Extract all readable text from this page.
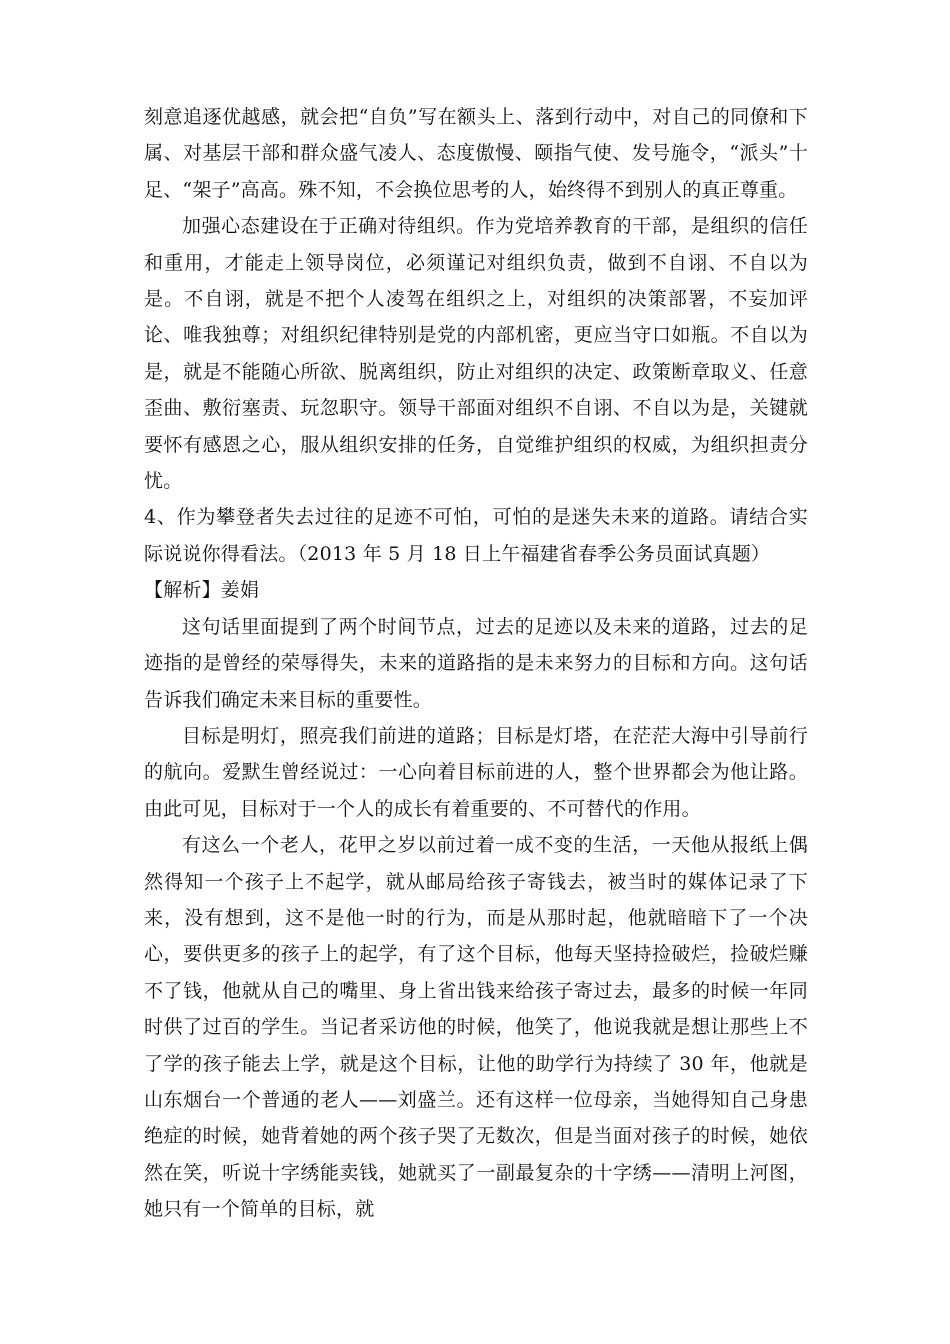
刻意追逐优越感，就会把“自负”写在额头上、落到行动中，对自己的同僚和下属、对基层干部和群众盛气凌人、态度傲慢、颐指气使、发号施令，“派头”十足、“架子”高高。殊不知，不会换位思考的人，始终得不到别人的真正尊重。

加强心态建设在于正确对待组织。作为党培养教育的干部，是组织的信任和重用，才能走上领导岗位，必须谨记对组织负责，做到不自诩、不自以为是。不自诩，就是不把个人凌驾在组织之上，对组织的决策部署，不妄加评论、唯我独尊；对组织纪律特别是党的内部机密，更应当守口如瓶。不自以为是，就是不能随心所欲、脱离组织，防止对组织的决定、政策断章取义、任意歪曲、敷衍塞责、玩忽职守。领导干部面对组织不自诩、不自以为是，关键就要怀有感恩之心，服从组织安排的任务，自觉维护组织的权威，为组织担责分忧。

4、作为攀登者失去过往的足迹不可怕，可怕的是迷失未来的道路。请结合实际说说你得看法。（2013 年 5 月 18 日上午福建省春季公务员面试真题）

【解析】姜娟

这句话里面提到了两个时间节点，过去的足迹以及未来的道路，过去的足迹指的是曾经的荣辱得失，未来的道路指的是未来努力的目标和方向。这句话告诉我们确定未来目标的重要性。

目标是明灯，照亮我们前进的道路；目标是灯塔，在茫茫大海中引导前行的航向。爱默生曾经说过：一心向着目标前进的人，整个世界都会为他让路。由此可见，目标对于一个人的成长有着重要的、不可替代的作用。

有这么一个老人，花甲之岁以前过着一成不变的生活，一天他从报纸上偶然得知一个孩子上不起学，就从邮局给孩子寄钱去，被当时的媒体记录了下来，没有想到，这不是他一时的行为，而是从那时起，他就暗暗下了一个决心，要供更多的孩子上的起学，有了这个目标，他每天坚持捡破烂，捡破烂赚不了钱，他就从自己的嘴里、身上省出钱来给孩子寄过去，最多的时候一年同时供了过百的学生。当记者采访他的时候，他笑了，他说我就是想让那些上不了学的孩子能去上学，就是这个目标，让他的助学行为持续了 30 年，他就是山东烟台一个普通的老人——刘盛兰。还有这样一位母亲，当她得知自己身患绝症的时候，她背着她的两个孩子哭了无数次，但是当面对孩子的时候，她依然在笑，听说十字绣能卖钱，她就买了一副最复杂的十字绣——清明上河图，她只有一个简单的目标，就
